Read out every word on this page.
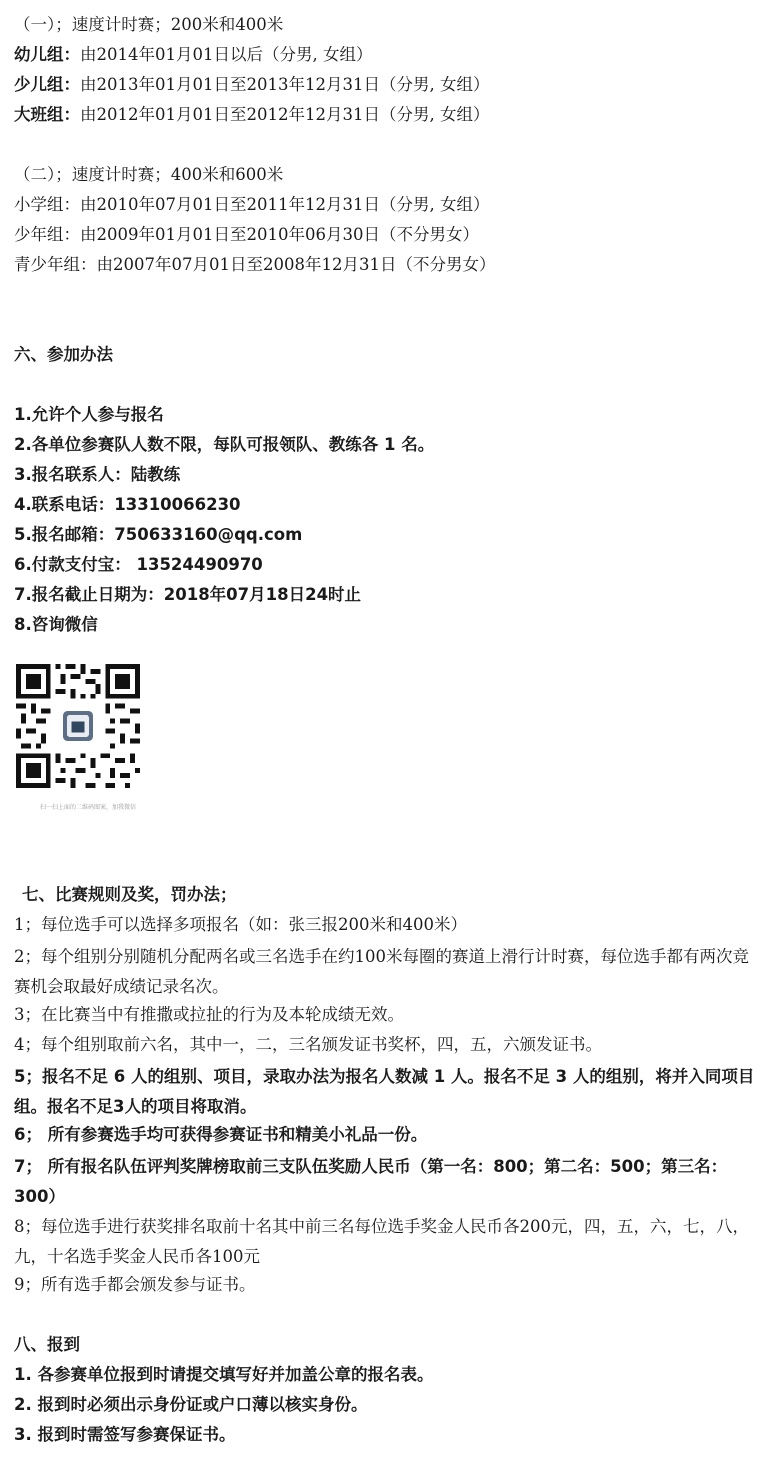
（一）；速度计时赛；200米和400米
幼儿组：由2014年01月01日以后（分男, 女组）
少儿组：由2013年01月01日至2013年12月31日（分男, 女组）
大班组：由2012年01月01日至2012年12月31日（分男, 女组）
（二）；速度计时赛；400米和600米
小学组：由2010年07月01日至2011年12月31日（分男, 女组）
少年组：由2009年01月01日至2010年06月30日（不分男女）
青少年组：由2007年07月01日至2008年12月31日（不分男女）
六、参加办法
1.允许个人参与报名
2.各单位参赛队人数不限，每队可报领队、教练各 1 名。
3.报名联系人：陆教练
4.联系电话：13310066230
5.报名邮箱：750633160@qq.com
6.付款支付宝： 13524490970
7.报名截止日期为：2018年07月18日24时止
8.咨询微信
扫一扫上面的二维码图案，加我微信
七、比赛规则及奖，罚办法；
1；每位选手可以选择多项报名（如：张三报200米和400米）
2；每个组别分别随机分配两名或三名选手在约100米每圈的赛道上滑行计时赛，每位选手都有两次竞赛机会取最好成绩记录名次。
3；在比赛当中有推撒或拉扯的行为及本轮成绩无效。
4；每个组别取前六名，其中一，二，三名颁发证书奖杯，四，五，六颁发证书。
5；报名不足 6 人的组别、项目，录取办法为报名人数减 1 人。报名不足 3 人的组别，将并入同项目组。报名不足3人的项目将取消。
6； 所有参赛选手均可获得参赛证书和精美小礼品一份。
7； 所有报名队伍评判奖牌榜取前三支队伍奖励人民币（第一名：800；第二名：500；第三名：300）
8；每位选手进行获奖排名取前十名其中前三名每位选手奖金人民币各200元，四，五，六，七，八，九，十名选手奖金人民币各100元
9；所有选手都会颁发参与证书。
八、报到
1. 各参赛单位报到时请提交填写好并加盖公章的报名表。
2. 报到时必须出示身份证或户口薄以核实身份。
3. 报到时需签写参赛保证书。
